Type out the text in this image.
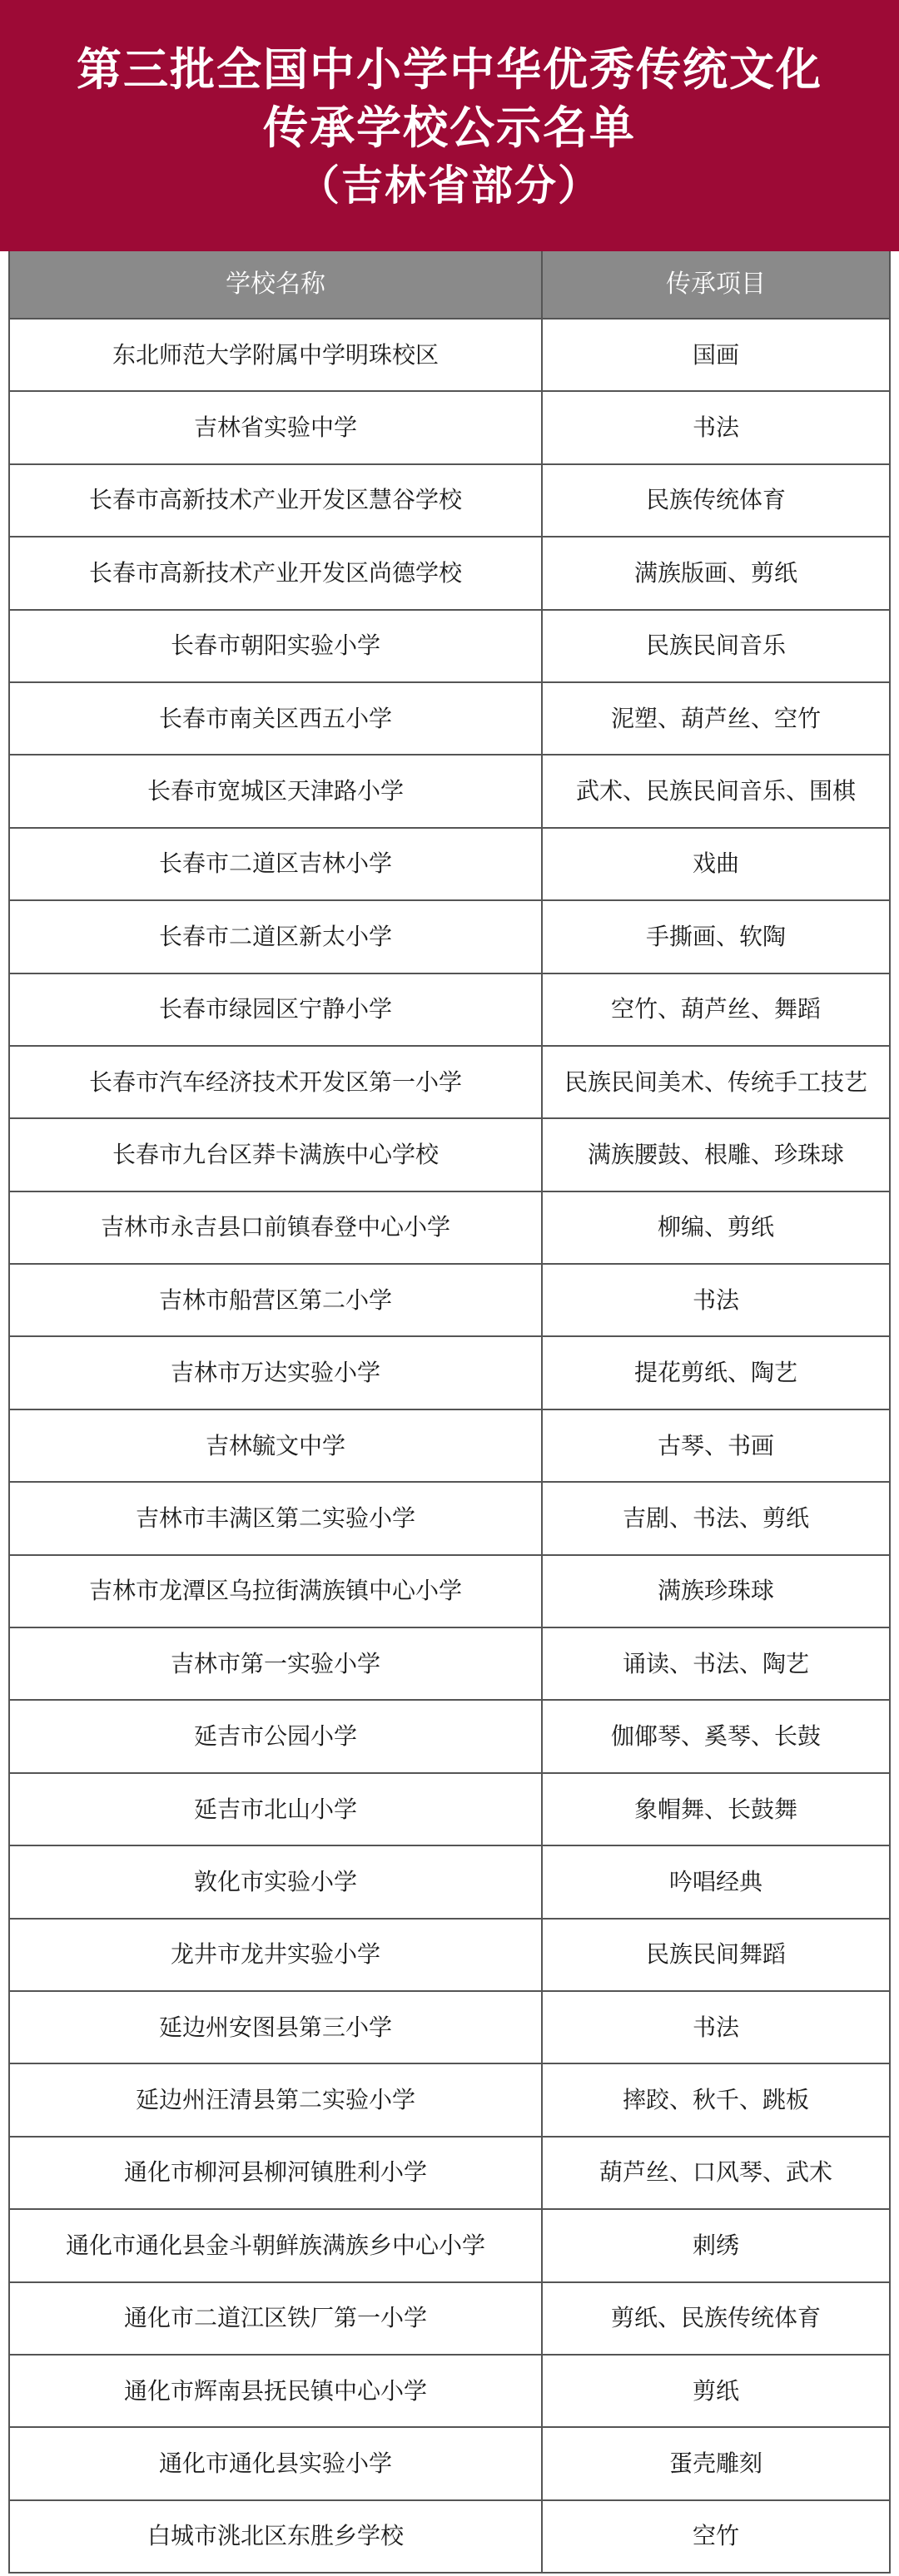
第三批全国中小学中华优秀传统文化
传承学校公示名单
（吉林省部分）
学校名称	传承项目
东北师范大学附属中学明珠校区	国画
吉林省实验中学	书法
长春市高新技术产业开发区慧谷学校	民族传统体育
长春市高新技术产业开发区尚德学校	满族版画、剪纸
长春市朝阳实验小学	民族民间音乐
长春市南关区西五小学	泥塑、葫芦丝、空竹
长春市宽城区天津路小学	武术、民族民间音乐、围棋
长春市二道区吉林小学	戏曲
长春市二道区新太小学	手撕画、软陶
长春市绿园区宁静小学	空竹、葫芦丝、舞蹈
长春市汽车经济技术开发区第一小学	民族民间美术、传统手工技艺
长春市九台区莽卡满族中心学校	满族腰鼓、根雕、珍珠球
吉林市永吉县口前镇春登中心小学	柳编、剪纸
吉林市船营区第二小学	书法
吉林市万达实验小学	提花剪纸、陶艺
吉林毓文中学	古琴、书画
吉林市丰满区第二实验小学	吉剧、书法、剪纸
吉林市龙潭区乌拉街满族镇中心小学	满族珍珠球
吉林市第一实验小学	诵读、书法、陶艺
延吉市公园小学	伽倻琴、奚琴、长鼓
延吉市北山小学	象帽舞、长鼓舞
敦化市实验小学	吟唱经典
龙井市龙井实验小学	民族民间舞蹈
延边州安图县第三小学	书法
延边州汪清县第二实验小学	摔跤、秋千、跳板
通化市柳河县柳河镇胜利小学	葫芦丝、口风琴、武术
通化市通化县金斗朝鲜族满族乡中心小学	刺绣
通化市二道江区铁厂第一小学	剪纸、民族传统体育
通化市辉南县抚民镇中心小学	剪纸
通化市通化县实验小学	蛋壳雕刻
白城市洮北区东胜乡学校	空竹
